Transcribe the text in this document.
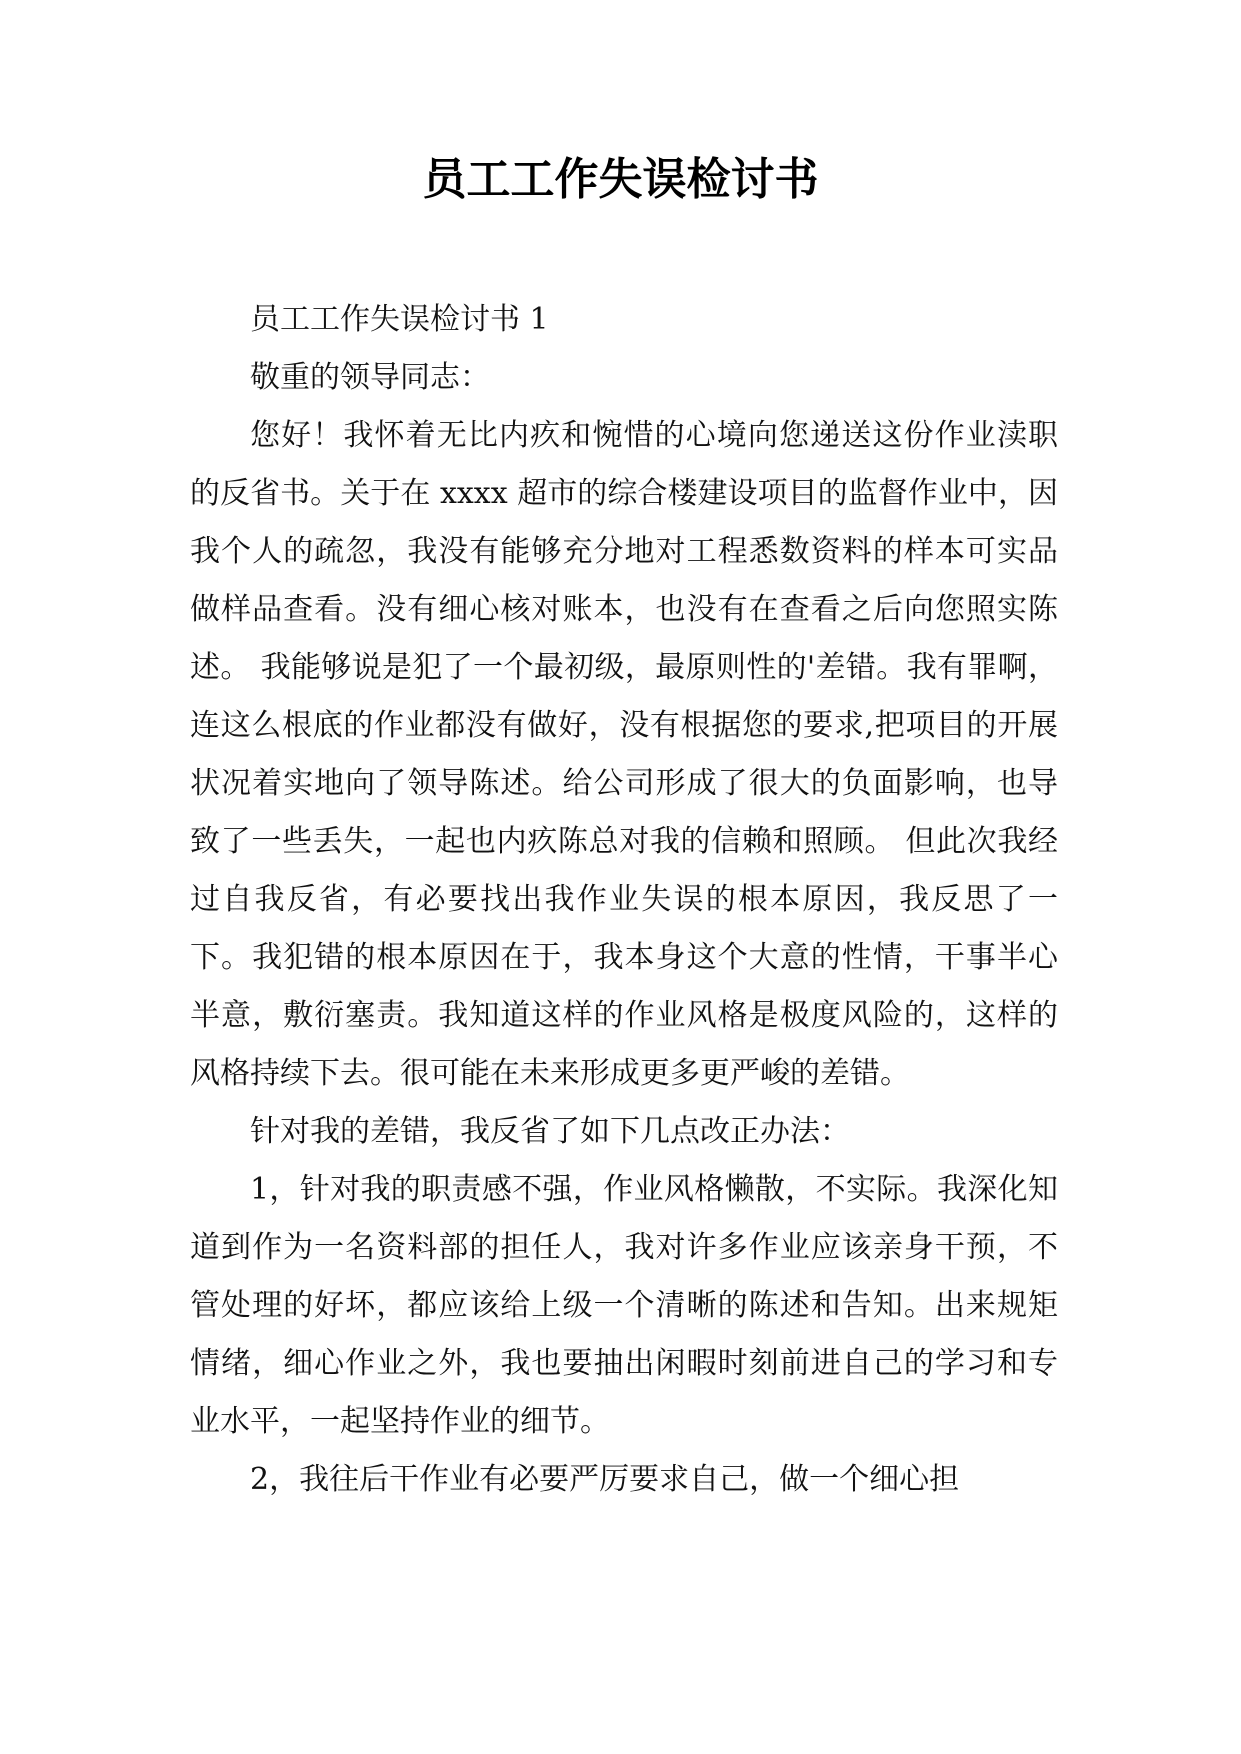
员工工作失误检讨书

员工工作失误检讨书 1

敬重的领导同志：

您好！我怀着无比内疚和惋惜的心境向您递送这份作业渎职的反省书。关于在 xxxx 超市的综合楼建设项目的监督作业中，因我个人的疏忽，我没有能够充分地对工程悉数资料的样本可实品做样品查看。没有细心核对账本，也没有在查看之后向您照实陈述。 我能够说是犯了一个最初级，最原则性的'差错。我有罪啊，连这么根底的作业都没有做好，没有根据您的要求,把项目的开展状况着实地向了领导陈述。给公司形成了很大的负面影响，也导致了一些丢失，一起也内疚陈总对我的信赖和照顾。 但此次我经过自我反省，有必要找出我作业失误的根本原因，我反思了一下。我犯错的根本原因在于，我本身这个大意的性情，干事半心半意，敷衍塞责。我知道这样的作业风格是极度风险的，这样的风格持续下去。很可能在未来形成更多更严峻的差错。

针对我的差错，我反省了如下几点改正办法：

1，针对我的职责感不强，作业风格懒散，不实际。我深化知道到作为一名资料部的担任人，我对许多作业应该亲身干预，不管处理的好坏，都应该给上级一个清晰的陈述和告知。出来规矩情绪，细心作业之外，我也要抽出闲暇时刻前进自己的学习和专业水平，一起坚持作业的细节。

2，我往后干作业有必要严厉要求自己，做一个细心担
